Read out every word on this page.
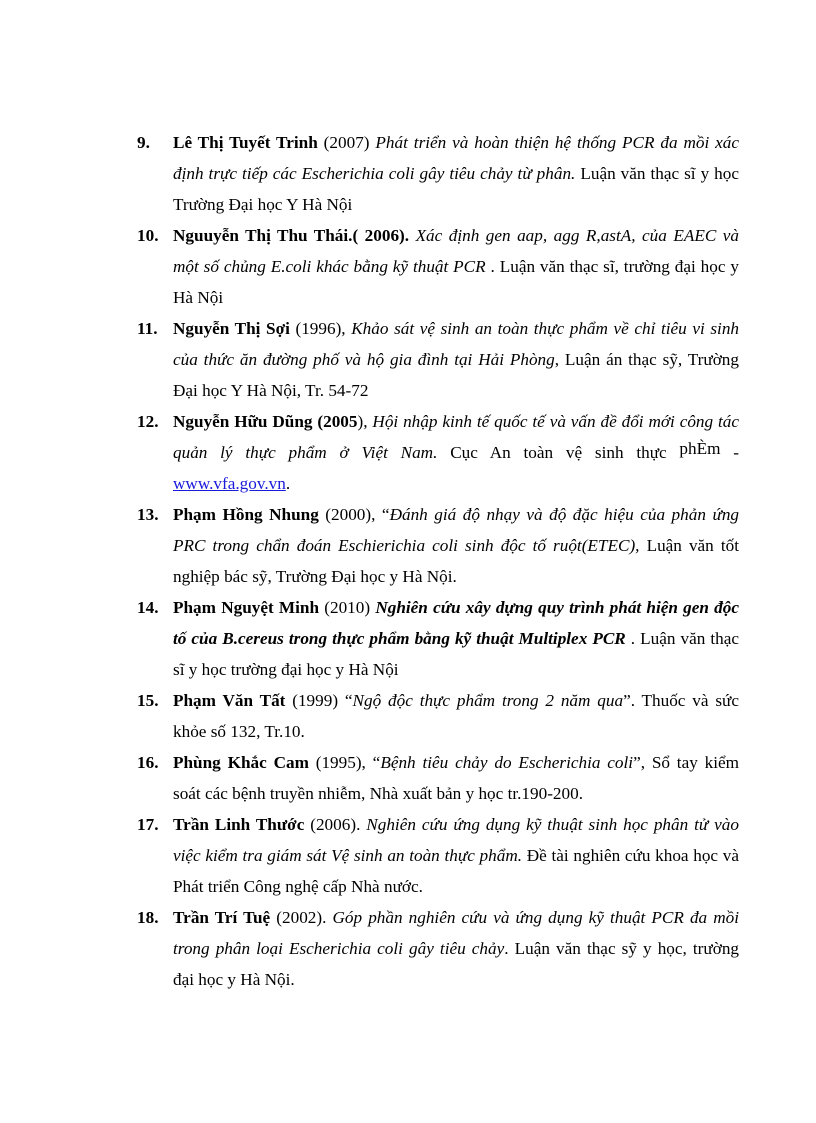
9. Lê Thị Tuyết Trinh (2007) Phát triển và hoàn thiện hệ thống PCR đa mồi xác định trực tiếp các Escherichia coli gây tiêu chảy từ phân. Luận văn thạc sĩ y học Trường Đại học Y Hà Nội
10. Nguuyễn Thị Thu Thái.( 2006). Xác định gen aap, agg R,astA, của EAEC và một số chủng E.coli khác bằng kỹ thuật PCR . Luận văn thạc sĩ, trường đại học y Hà Nội
11. Nguyễn Thị Sợi (1996), Khảo sát vệ sinh an toàn thực phẩm về chỉ tiêu vi sinh của thức ăn đường phố và hộ gia đình tại Hải Phòng, Luận án thạc sỹ, Trường Đại học Y Hà Nội, Tr. 54-72
12. Nguyễn Hữu Dũng (2005), Hội nhập kinh tế quốc tế và vấn đề đổi mới công tác quản lý thực phẩm ở Việt Nam. Cục An toàn vệ sinh thực phÈm - www.vfa.gov.vn.
13. Phạm Hồng Nhung (2000), “Đánh giá độ nhạy và độ đặc hiệu của phản ứng PRC trong chẩn đoán Eschierichia coli sinh độc tố ruột(ETEC), Luận văn tốt nghiệp bác sỹ, Trường Đại học y Hà Nội.
14. Phạm Nguyệt Minh (2010) Nghiên cứu xây dựng quy trình phát hiện gen độc tố của B.cereus trong thực phẩm bằng kỹ thuật Multiplex PCR . Luận văn thạc sĩ y học trường đại học y Hà Nội
15. Phạm Văn Tất (1999) “Ngộ độc thực phẩm trong 2 năm qua”. Thuốc và sức khỏe số 132, Tr.10.
16. Phùng Khắc Cam (1995), “Bệnh tiêu chảy do Escherichia coli”, Sổ tay kiểm soát các bệnh truyền nhiễm, Nhà xuất bản y học tr.190-200.
17. Trần Linh Thước (2006). Nghiên cứu ứng dụng kỹ thuật sinh học phân tử vào việc kiểm tra giám sát Vệ sinh an toàn thực phẩm. Đề tài nghiên cứu khoa học và Phát triển Công nghệ cấp Nhà nước.
18. Trần Trí Tuệ (2002). Góp phần nghiên cứu và ứng dụng kỹ thuật PCR đa mồi trong phân loại Escherichia coli gây tiêu chảy. Luận văn thạc sỹ y học, trường đại học y Hà Nội.
